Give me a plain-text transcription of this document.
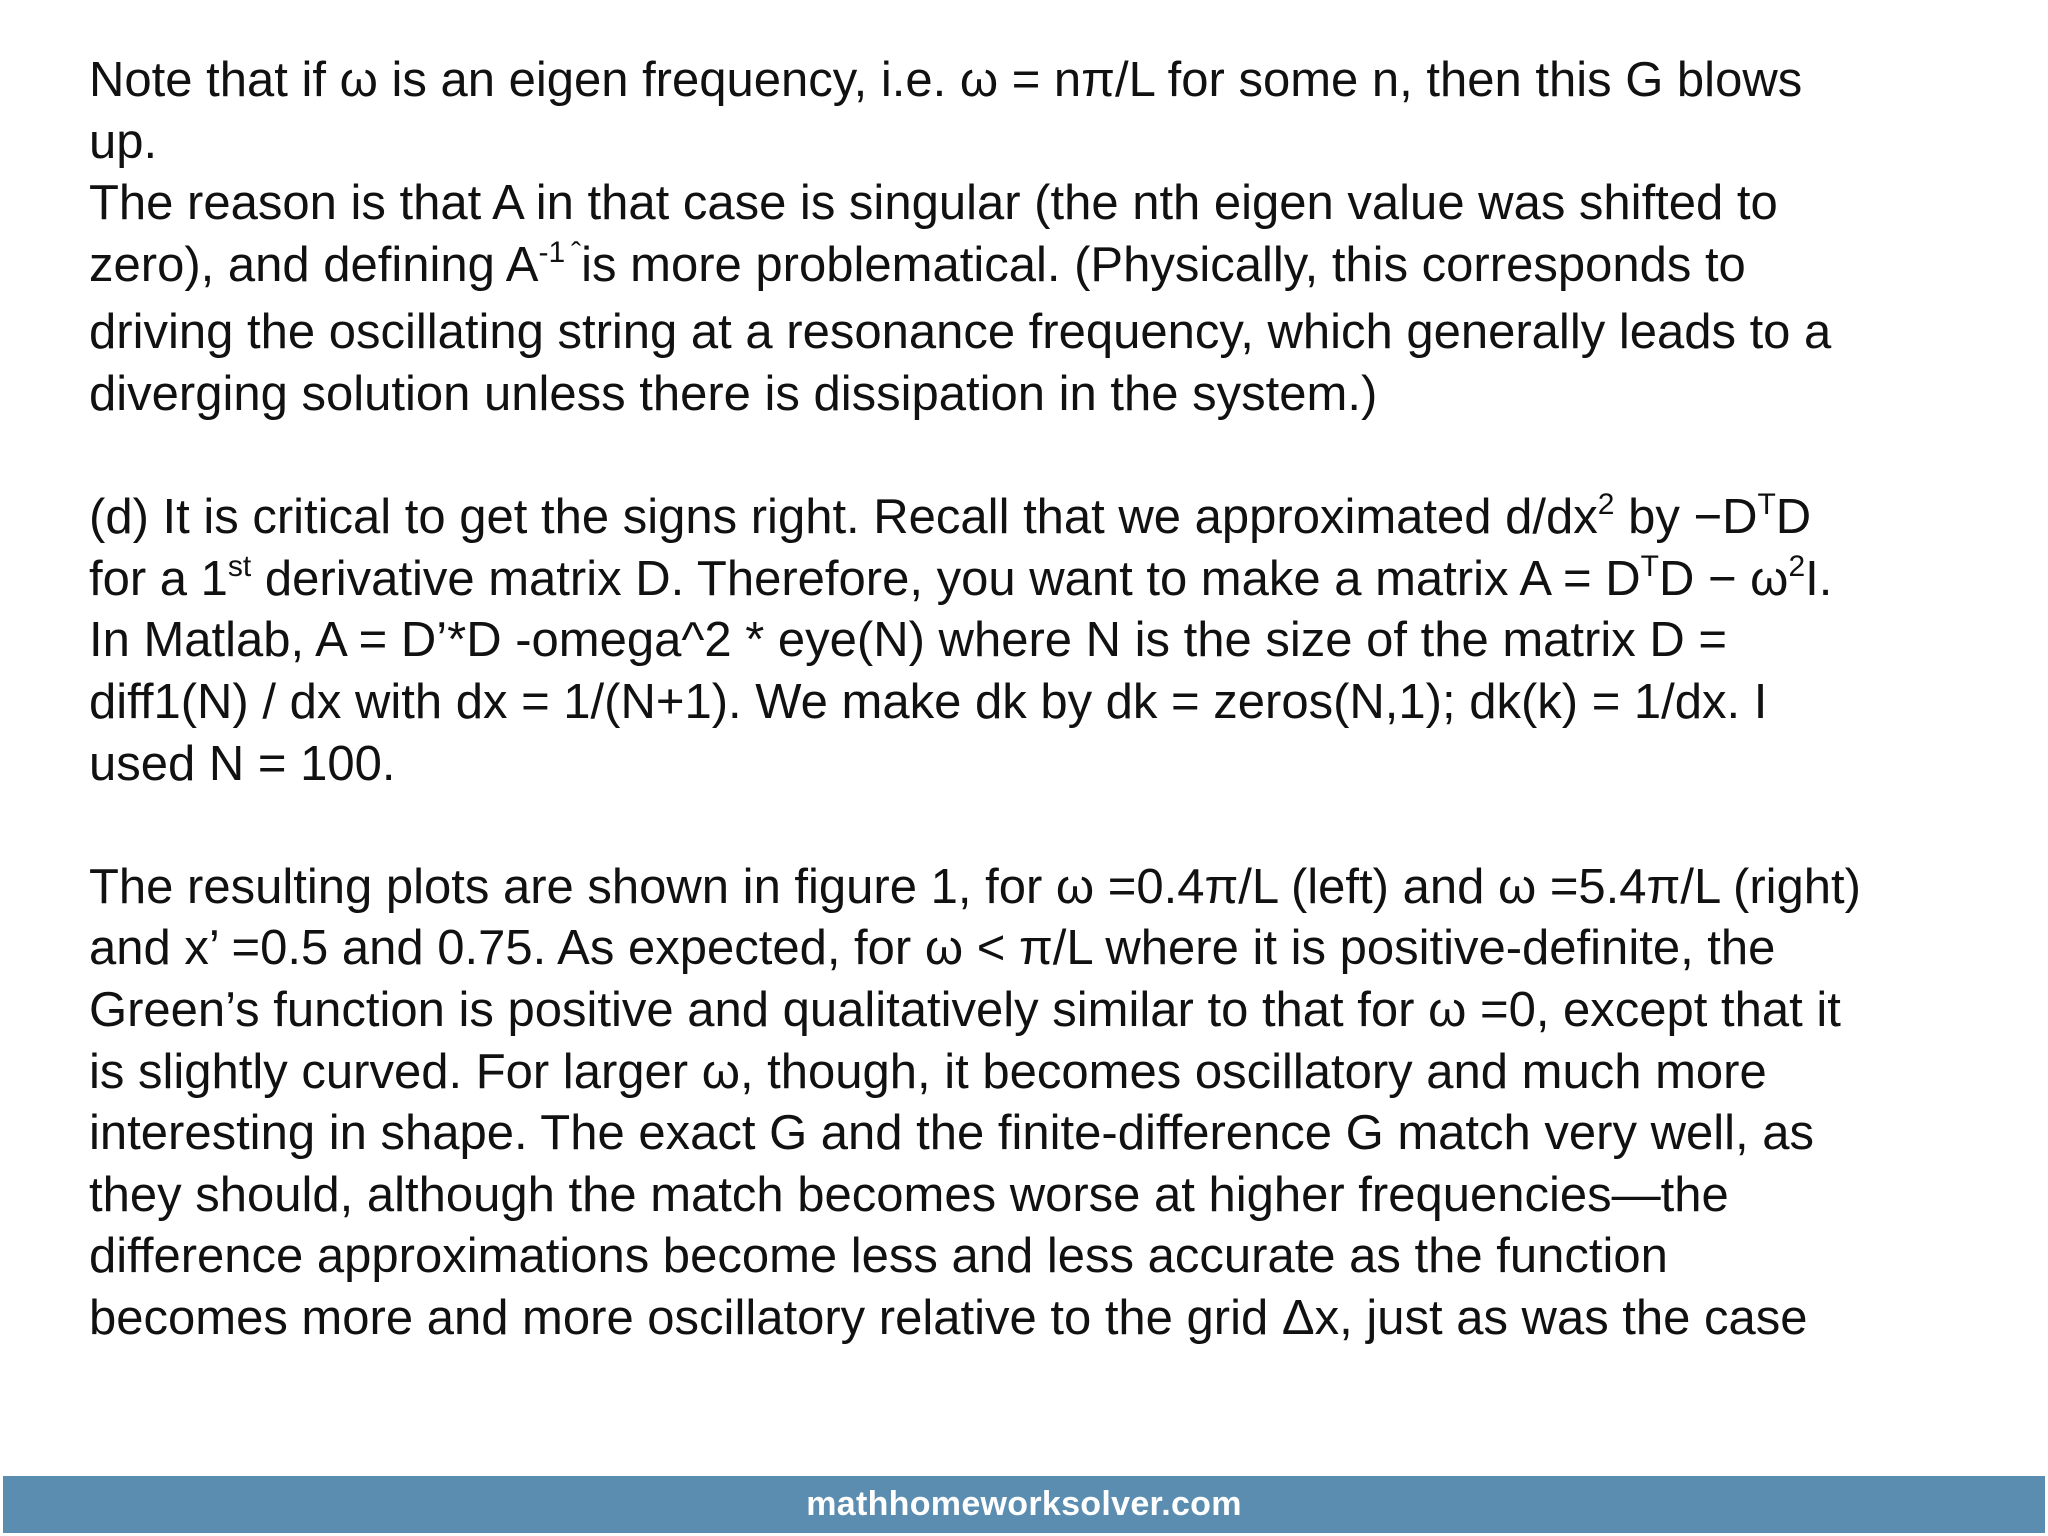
Note that if ω is an eigen frequency, i.e. ω = nπ/L for some n, then this G blows
up.
The reason is that A in that case is singular (the nth eigen value was shifted to
zero), and defining $A^{-1}$ $^ˆ$is more problematical. (Physically, this corresponds to
driving the oscillating string at a resonance frequency, which generally leads to a
diverging solution unless there is dissipation in the system.)

(d) It is critical to get the signs right. Recall that we approximated $d/dx^2$ by $-D^TD$
for a 1st derivative matrix D. Therefore, you want to make a matrix $A = D^TD - \omega^2I$.
In Matlab, A = D’*D -omega^2 * eye(N) where N is the size of the matrix D =
diff1(N) / dx with dx = 1/(N+1). We make dk by dk = zeros(N,1); dk(k) = 1/dx. I
used N = 100.

The resulting plots are shown in figure 1, for ω =0.4π/L (left) and ω =5.4π/L (right)
and x’ =0.5 and 0.75. As expected, for ω < π/L where it is positive-definite, the
Green’s function is positive and qualitatively similar to that for ω =0, except that it
is slightly curved. For larger ω, though, it becomes oscillatory and much more
interesting in shape. The exact G and the finite-difference G match very well, as
they should, although the match becomes worse at higher frequencies—the
difference approximations become less and less accurate as the function
becomes more and more oscillatory relative to the grid Δx, just as was the case

mathhomeworksolver.com
